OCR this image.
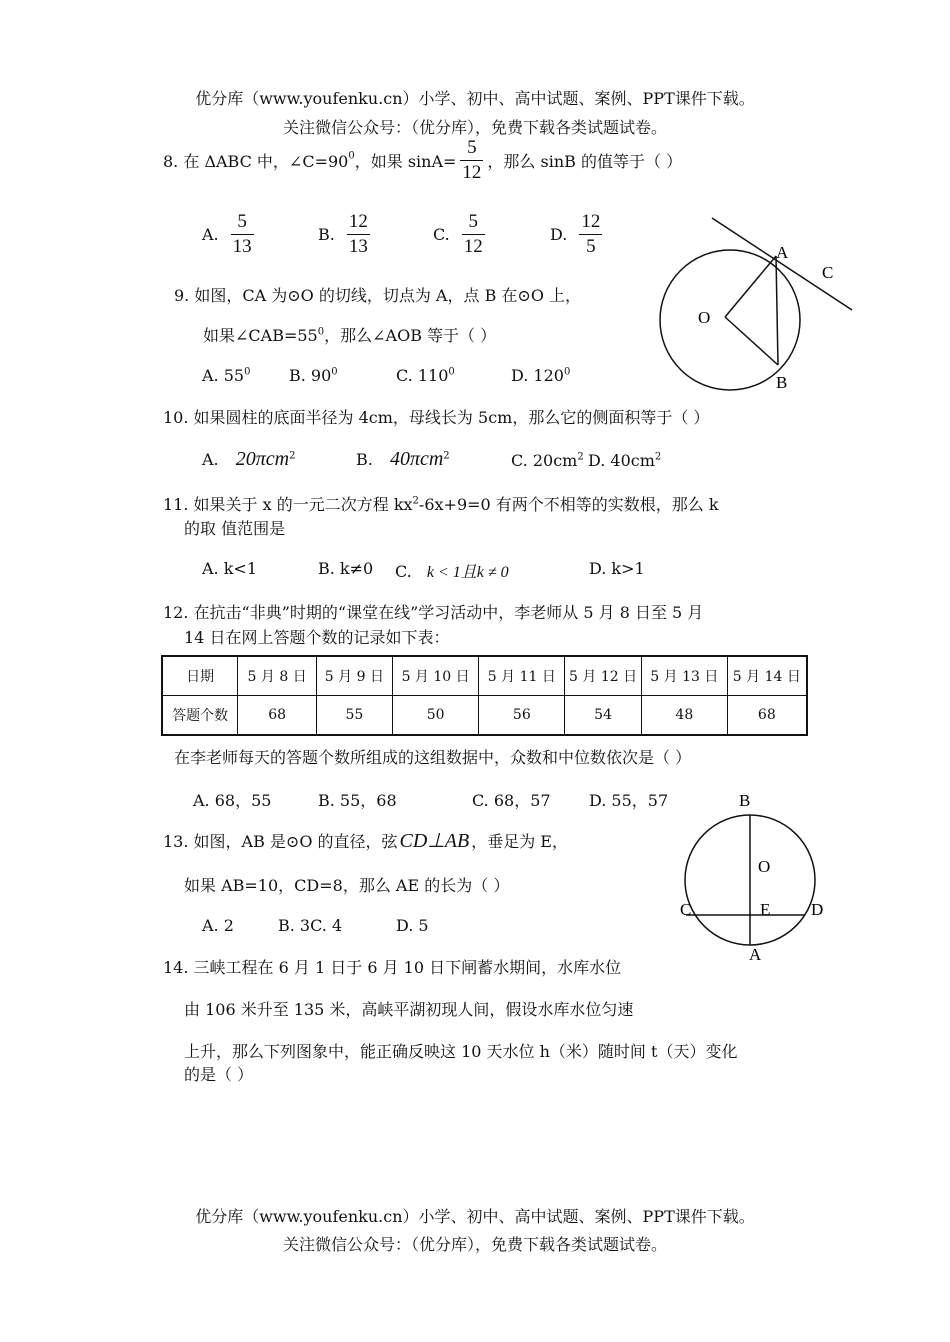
优分库（www.youfenku.cn）小学、初中、高中试题、案例、PPT课件下载。
关注微信公众号：（优分库），免费下载各类试题试卷。
8. 在 ΔABC 中，$\angle C=90^0$，如果 $\sin A= \frac{5}{12}$ ，那么 sinB 的值等于（ ）
A. $\frac{5}{13}$	B. $\frac{12}{13}$	C. $\frac{5}{12}$	D. $\frac{12}{5}$	A
C
O
B
9. 如图，CA 为⊙O 的切线，切点为 A，点 B 在⊙O 上，
如果$\angle CAB=55^0$，那么∠AOB 等于（ ）
A. $55^0$ B. $90^0$	C. $110^0$	D. $120^0$
10. 如果圆柱的底面半径为 4cm，母线长为 5cm，那么它的侧面积等于（ ）
A. 20πcm$^2$	B. 40πcm$^2$	C. $20cm^2$ D. $40cm^2$
11. 如果关于 x 的一元二次方程 $kx^2-6x+9=0$ 有两个不相等的实数根，那么 k
的取 值范围是
A. k<1	B. k≠0 C. k < 1且k ≠ 0	D. k>1
12. 在抗击“非典”时期的“课堂在线”学习活动中，李老师从 5 月 8 日至 5 月
14 日在网上答题个数的记录如下表：
日期	5 月 8 日	5 月 9 日	5 月 10 日	5 月 11 日	5 月 12 日	5 月 13 日	5 月 14 日
答题个数	68	55	50	56	54	48	68
在李老师每天的答题个数所组成的这组数据中，众数和中位数依次是（ ）
A. 68，55	B. 55，68	C. 68，57 D. 55，57	B
O
C	E D
A
13. 如图，AB 是⊙O 的直径，弦 CD⊥AB ，垂足为 E，
如果 AB=10，CD=8，那么 AE 的长为（ ）
A. 2	B. 3C. 4	D. 5
14. 三峡工程在 6 月 1 日于 6 月 10 日下闸蓄水期间，水库水位
由 106 米升至 135 米，高峡平湖初现人间，假设水库水位匀速
上升，那么下列图象中，能正确反映这 10 天水位 h（米）随时间 t（天）变化
的是（ ）
优分库（www.youfenku.cn）小学、初中、高中试题、案例、PPT课件下载。
关注微信公众号：（优分库），免费下载各类试题试卷。
